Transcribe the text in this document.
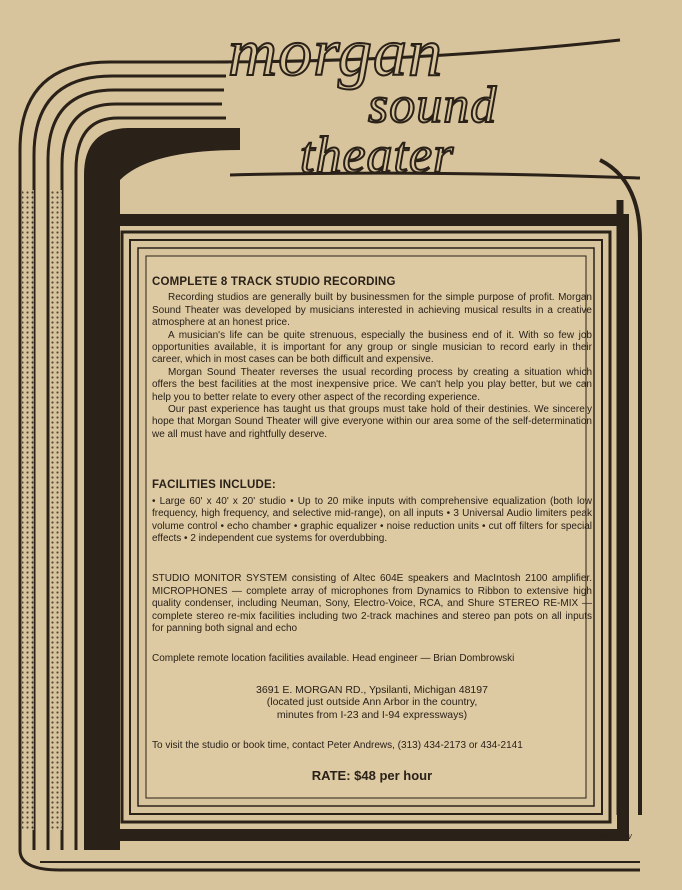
morgan
sound
theater

COMPLETE 8 TRACK STUDIO RECORDING

Recording studios are generally built by businessmen for the simple purpose of profit. Morgan Sound Theater was developed by musicians interested in achieving musical results in a creative atmosphere at an honest price.

A musician's life can be quite strenuous, especially the business end of it. With so few job opportunities available, it is important for any group or single musician to record early in their career, which in most cases can be both difficult and expensive.

Morgan Sound Theater reverses the usual recording process by creating a situation which offers the best facilities at the most inexpensive price. We can't help you play better, but we can help you to better relate to every other aspect of the recording experience.

Our past experience has taught us that groups must take hold of their destinies. We sincerely hope that Morgan Sound Theater will give everyone within our area some of the self-determination we all must have and rightfully deserve.

FACILITIES INCLUDE:

• Large 60' x 40' x 20' studio • Up to 20 mike inputs with comprehensive equalization (both low frequency, high frequency, and selective mid-range), on all inputs • 3 Universal Audio limiters peak volume control • echo chamber • graphic equalizer • noise reduction units • cut off filters for special effects • 2 independent cue systems for overdubbing.

STUDIO MONITOR SYSTEM consisting of Altec 604E speakers and MacIntosh 2100 amplifier. MICROPHONES — complete array of microphones from Dynamics to Ribbon to extensive high quality condenser, including Neuman, Sony, Electro-Voice, RCA, and Shure STEREO RE-MIX — complete stereo re-mix facilities including two 2-track machines and stereo pan pots on all inputs for panning both signal and echo

Complete remote location facilities available. Head engineer — Brian Dombrowski

3691 E. MORGAN RD., Ypsilanti, Michigan 48197

(located just outside Ann Arbor in the country,

minutes from I-23 and I-94 expressways)

To visit the studio or book time, contact Peter Andrews, (313) 434-2173 or 434-2141

RATE: $48 per hour

GRIMSHAW
